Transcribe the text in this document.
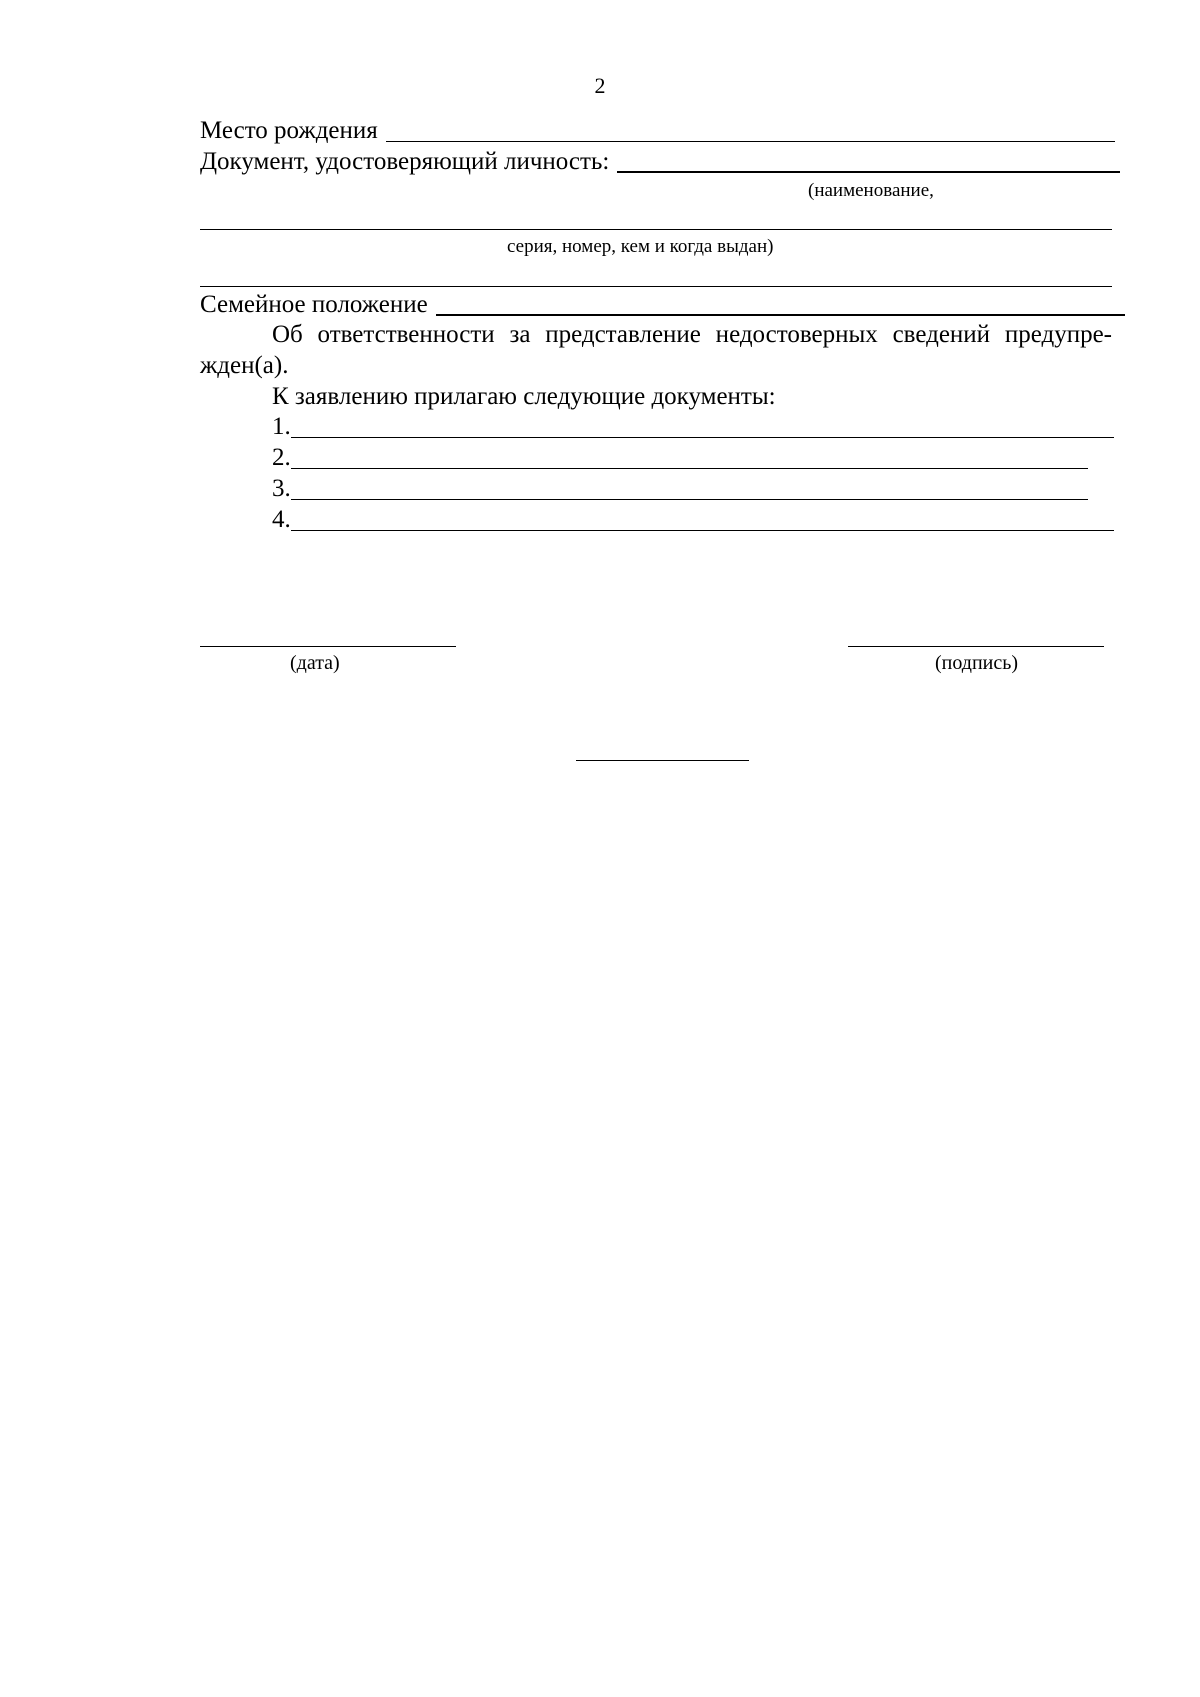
2
Место рождения
Документ, удостоверяющий личность:
(наименование,
серия, номер, кем и когда выдан)
Семейное положение
Об ответственности за представление недостоверных сведений предупре-
жден(а).
К заявлению прилагаю следующие документы:
1.
2.
3.
4.
(дата)	(подпись)
